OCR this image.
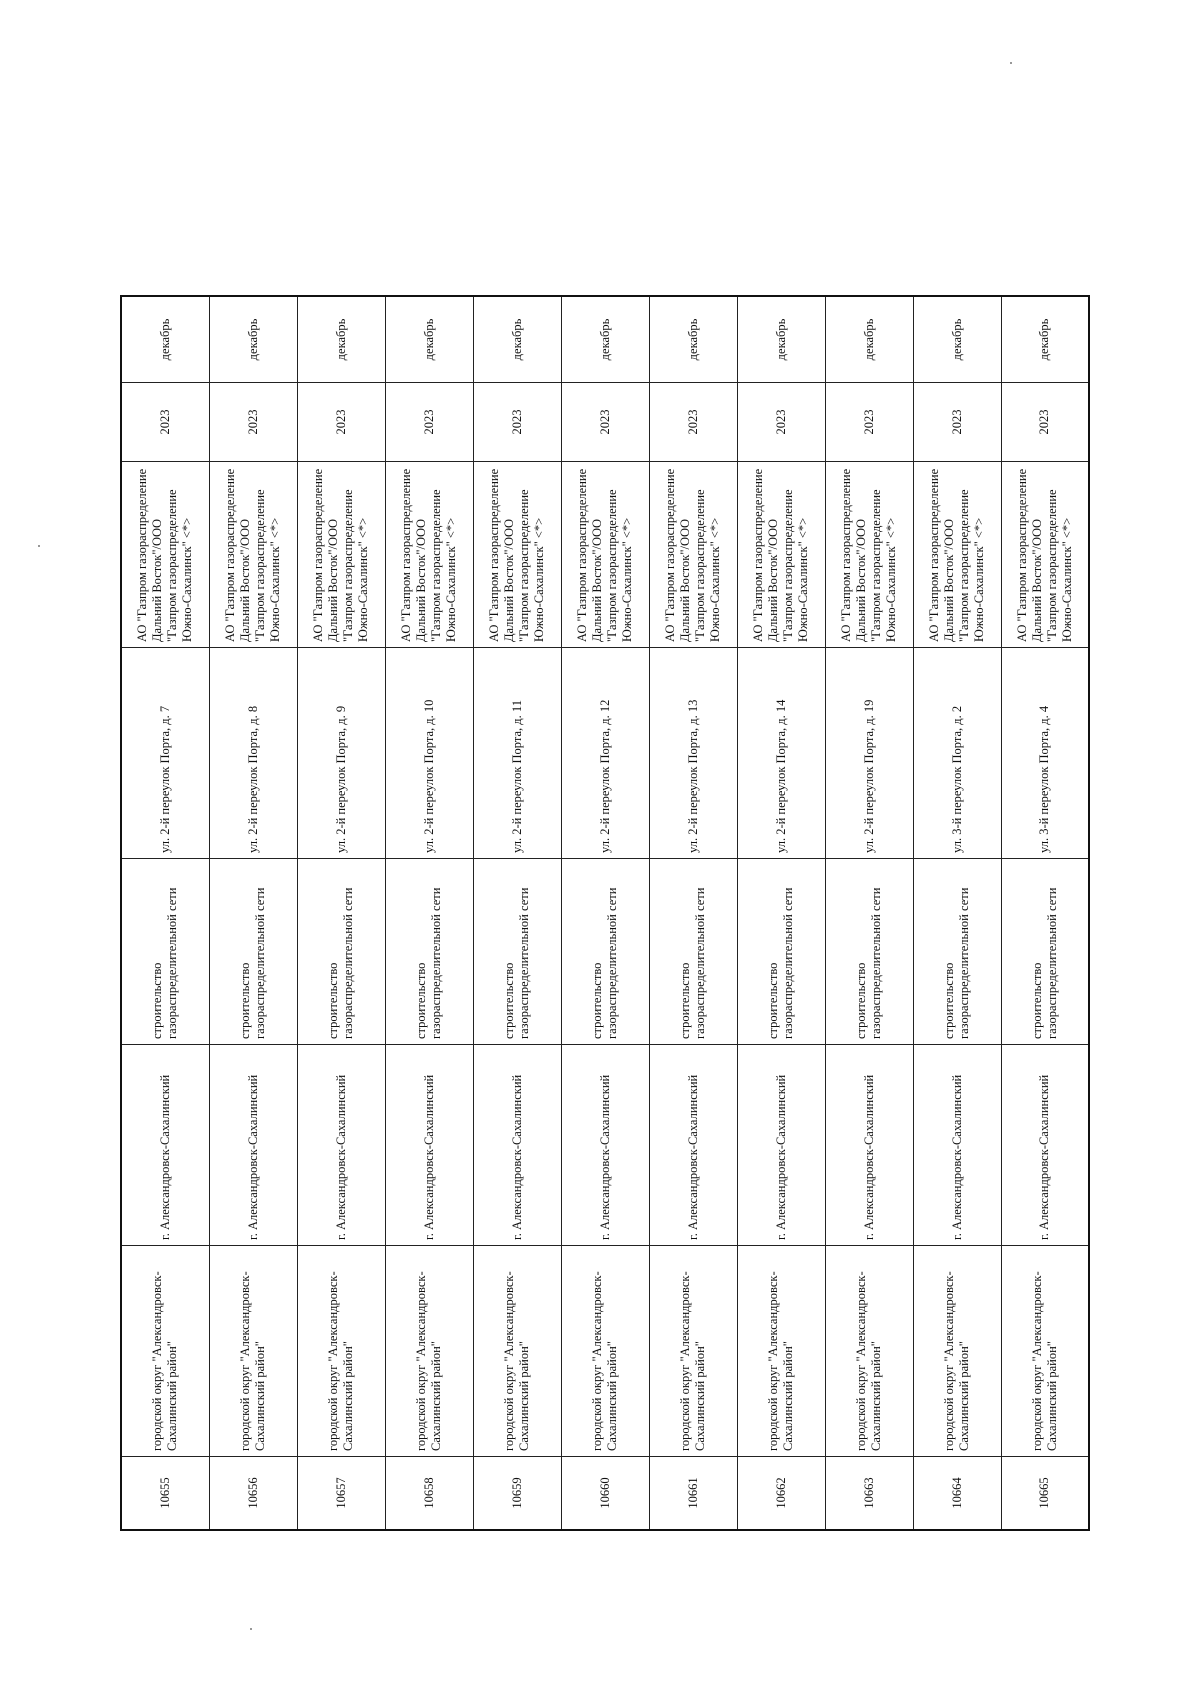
10655	городской округ "Александровск-Сахалинский район"	г. Александровск-Сахалинский	строительство газораспределительной сети	ул. 2-й переулок Порта, д. 7	АО "Газпром газораспределение Дальний Восток"/ООО "Газпром газораспределение Южно-Сахалинск" <*>	2023	декабрь
10656	городской округ "Александровск-Сахалинский район"	г. Александровск-Сахалинский	строительство газораспределительной сети	ул. 2-й переулок Порта, д. 8	АО "Газпром газораспределение Дальний Восток"/ООО "Газпром газораспределение Южно-Сахалинск" <*>	2023	декабрь
10657	городской округ "Александровск-Сахалинский район"	г. Александровск-Сахалинский	строительство газораспределительной сети	ул. 2-й переулок Порта, д. 9	АО "Газпром газораспределение Дальний Восток"/ООО "Газпром газораспределение Южно-Сахалинск" <*>	2023	декабрь
10658	городской округ "Александровск-Сахалинский район"	г. Александровск-Сахалинский	строительство газораспределительной сети	ул. 2-й переулок Порта, д. 10	АО "Газпром газораспределение Дальний Восток"/ООО "Газпром газораспределение Южно-Сахалинск" <*>	2023	декабрь
10659	городской округ "Александровск-Сахалинский район"	г. Александровск-Сахалинский	строительство газораспределительной сети	ул. 2-й переулок Порта, д. 11	АО "Газпром газораспределение Дальний Восток"/ООО "Газпром газораспределение Южно-Сахалинск" <*>	2023	декабрь
10660	городской округ "Александровск-Сахалинский район"	г. Александровск-Сахалинский	строительство газораспределительной сети	ул. 2-й переулок Порта, д. 12	АО "Газпром газораспределение Дальний Восток"/ООО "Газпром газораспределение Южно-Сахалинск" <*>	2023	декабрь
10661	городской округ "Александровск-Сахалинский район"	г. Александровск-Сахалинский	строительство газораспределительной сети	ул. 2-й переулок Порта, д. 13	АО "Газпром газораспределение Дальний Восток"/ООО "Газпром газораспределение Южно-Сахалинск" <*>	2023	декабрь
10662	городской округ "Александровск-Сахалинский район"	г. Александровск-Сахалинский	строительство газораспределительной сети	ул. 2-й переулок Порта, д. 14	АО "Газпром газораспределение Дальний Восток"/ООО "Газпром газораспределение Южно-Сахалинск" <*>	2023	декабрь
10663	городской округ "Александровск-Сахалинский район"	г. Александровск-Сахалинский	строительство газораспределительной сети	ул. 2-й переулок Порта, д. 19	АО "Газпром газораспределение Дальний Восток"/ООО "Газпром газораспределение Южно-Сахалинск" <*>	2023	декабрь
10664	городской округ "Александровск-Сахалинский район"	г. Александровск-Сахалинский	строительство газораспределительной сети	ул. 3-й переулок Порта, д. 2	АО "Газпром газораспределение Дальний Восток"/ООО "Газпром газораспределение Южно-Сахалинск" <*>	2023	декабрь
10665	городской округ "Александровск-Сахалинский район"	г. Александровск-Сахалинский	строительство газораспределительной сети	ул. 3-й переулок Порта, д. 4	АО "Газпром газораспределение Дальний Восток"/ООО "Газпром газораспределение Южно-Сахалинск" <*>	2023	декабрь
